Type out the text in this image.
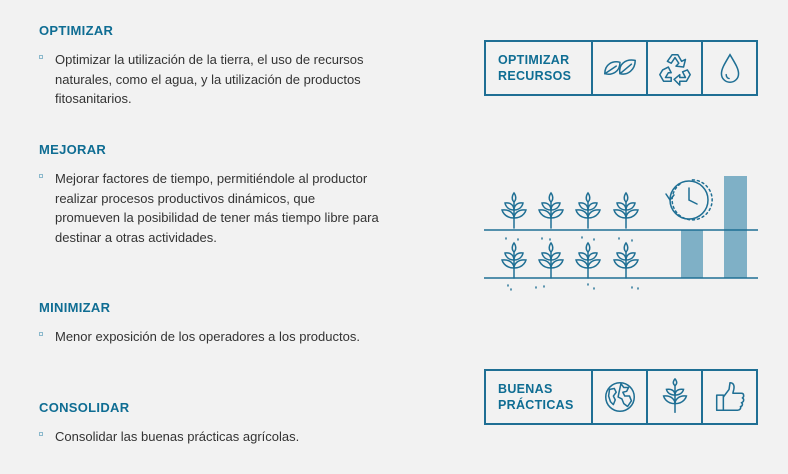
OPTIMIZAR
Optimizar la utilización de la tierra, el uso de recursos naturales, como el agua, y la utilización de productos fitosanitarios.
MEJORAR
Mejorar factores de tiempo, permitiéndole al productor realizar procesos productivos dinámicos, que promueven la posibilidad de tener más tiempo libre para destinar a otras actividades.
MINIMIZAR
Menor exposición de los operadores a los productos.
CONSOLIDAR
Consolidar las buenas prácticas agrícolas.
OPTIMIZAR
RECURSOS
BUENAS
PRÁCTICAS
